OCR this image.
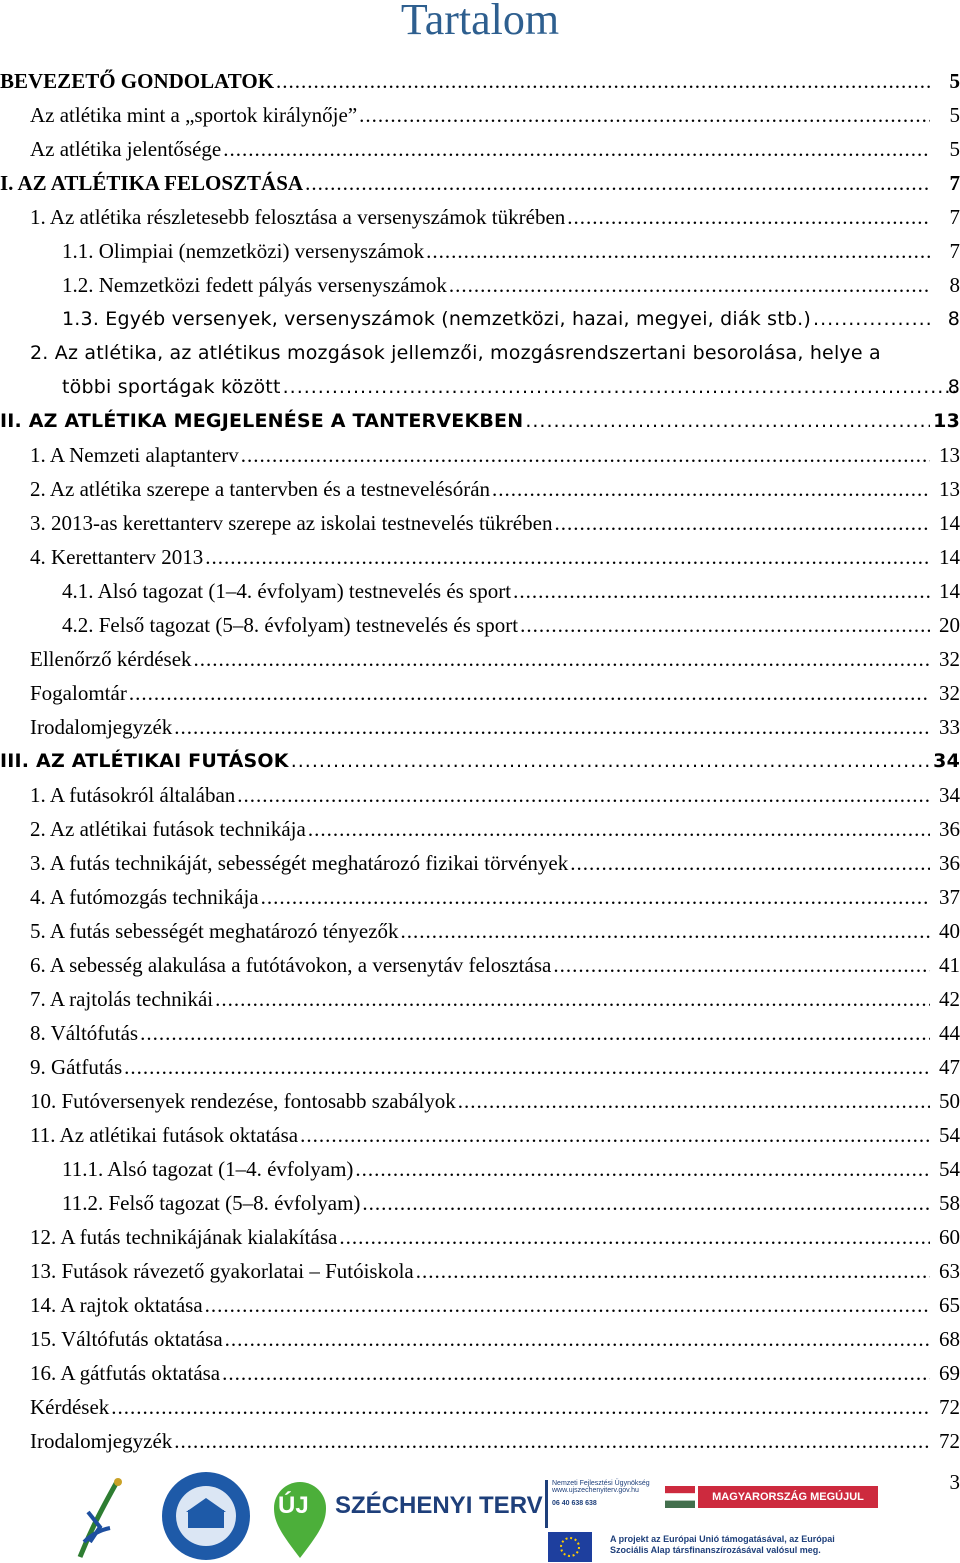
Tartalom
BEVEZETŐ GONDOLATOK .....	5
Az atlétika mint a „sportok királynője” .....	5
Az atlétika jelentősége .....	5
I. AZ ATLÉTIKA FELOSZTÁSA .....	7
1. Az atlétika részletesebb felosztása a versenyszámok tükrében .....	7
1.1. Olimpiai (nemzetközi) versenyszámok .....	7
1.2. Nemzetközi fedett pályás versenyszámok .....	8
1.3. Egyéb versenyek, versenyszámok (nemzetközi, hazai, megyei, diák stb.) .....	8
2. Az atlétika, az atlétikus mozgások jellemzői, mozgásrendszertani besorolása, helye a
többi sportágak között .....	8
II. AZ ATLÉTIKA MEGJELENÉSE A TANTERVEKBEN .....	13
1. A Nemzeti alaptanterv .....	13
2. Az atlétika szerepe a tantervben és a testnevelésórán .....	13
3. 2013-as kerettanterv szerepe az iskolai testnevelés tükrében .....	14
4. Kerettanterv 2013 .....	14
4.1. Alsó tagozat (1–4. évfolyam) testnevelés és sport .....	14
4.2. Felső tagozat (5–8. évfolyam) testnevelés és sport .....	20
Ellenőrző kérdések .....	32
Fogalomtár .....	32
Irodalomjegyzék .....	33
III. AZ ATLÉTIKAI FUTÁSOK .....	34
1. A futásokról általában .....	34
2. Az atlétikai futások technikája .....	36
3. A futás technikáját, sebességét meghatározó fizikai törvények .....	36
4. A futómozgás technikája .....	37
5. A futás sebességét meghatározó tényezők .....	40
6. A sebesség alakulása a futótávokon, a versenytáv felosztása .....	41
7. A rajtolás technikái .....	42
8. Váltófutás .....	44
9. Gátfutás .....	47
10. Futóversenyek rendezése, fontosabb szabályok .....	50
11. Az atlétikai futások oktatása .....	54
11.1. Alsó tagozat (1–4. évfolyam) .....	54
11.2. Felső tagozat (5–8. évfolyam) .....	58
12. A futás technikájának kialakítása .....	60
13. Futások rávezető gyakorlatai – Futóiskola .....	63
14. A rajtok oktatása .....	65
15. Váltófutás oktatása .....	68
16. A gátfutás oktatása .....	69
Kérdések .....	72
Irodalomjegyzék .....	72
3
ÚJ SZÉCHENYI TERV
Nemzeti Fejlesztési Ügynökség
www.ujszechenyiterv.gov.hu
06 40 638 638
MAGYARORSZÁG MEGÚJUL
A projekt az Európai Unió támogatásával, az Európai
Szociális Alap társfinanszírozásával valósul meg.
